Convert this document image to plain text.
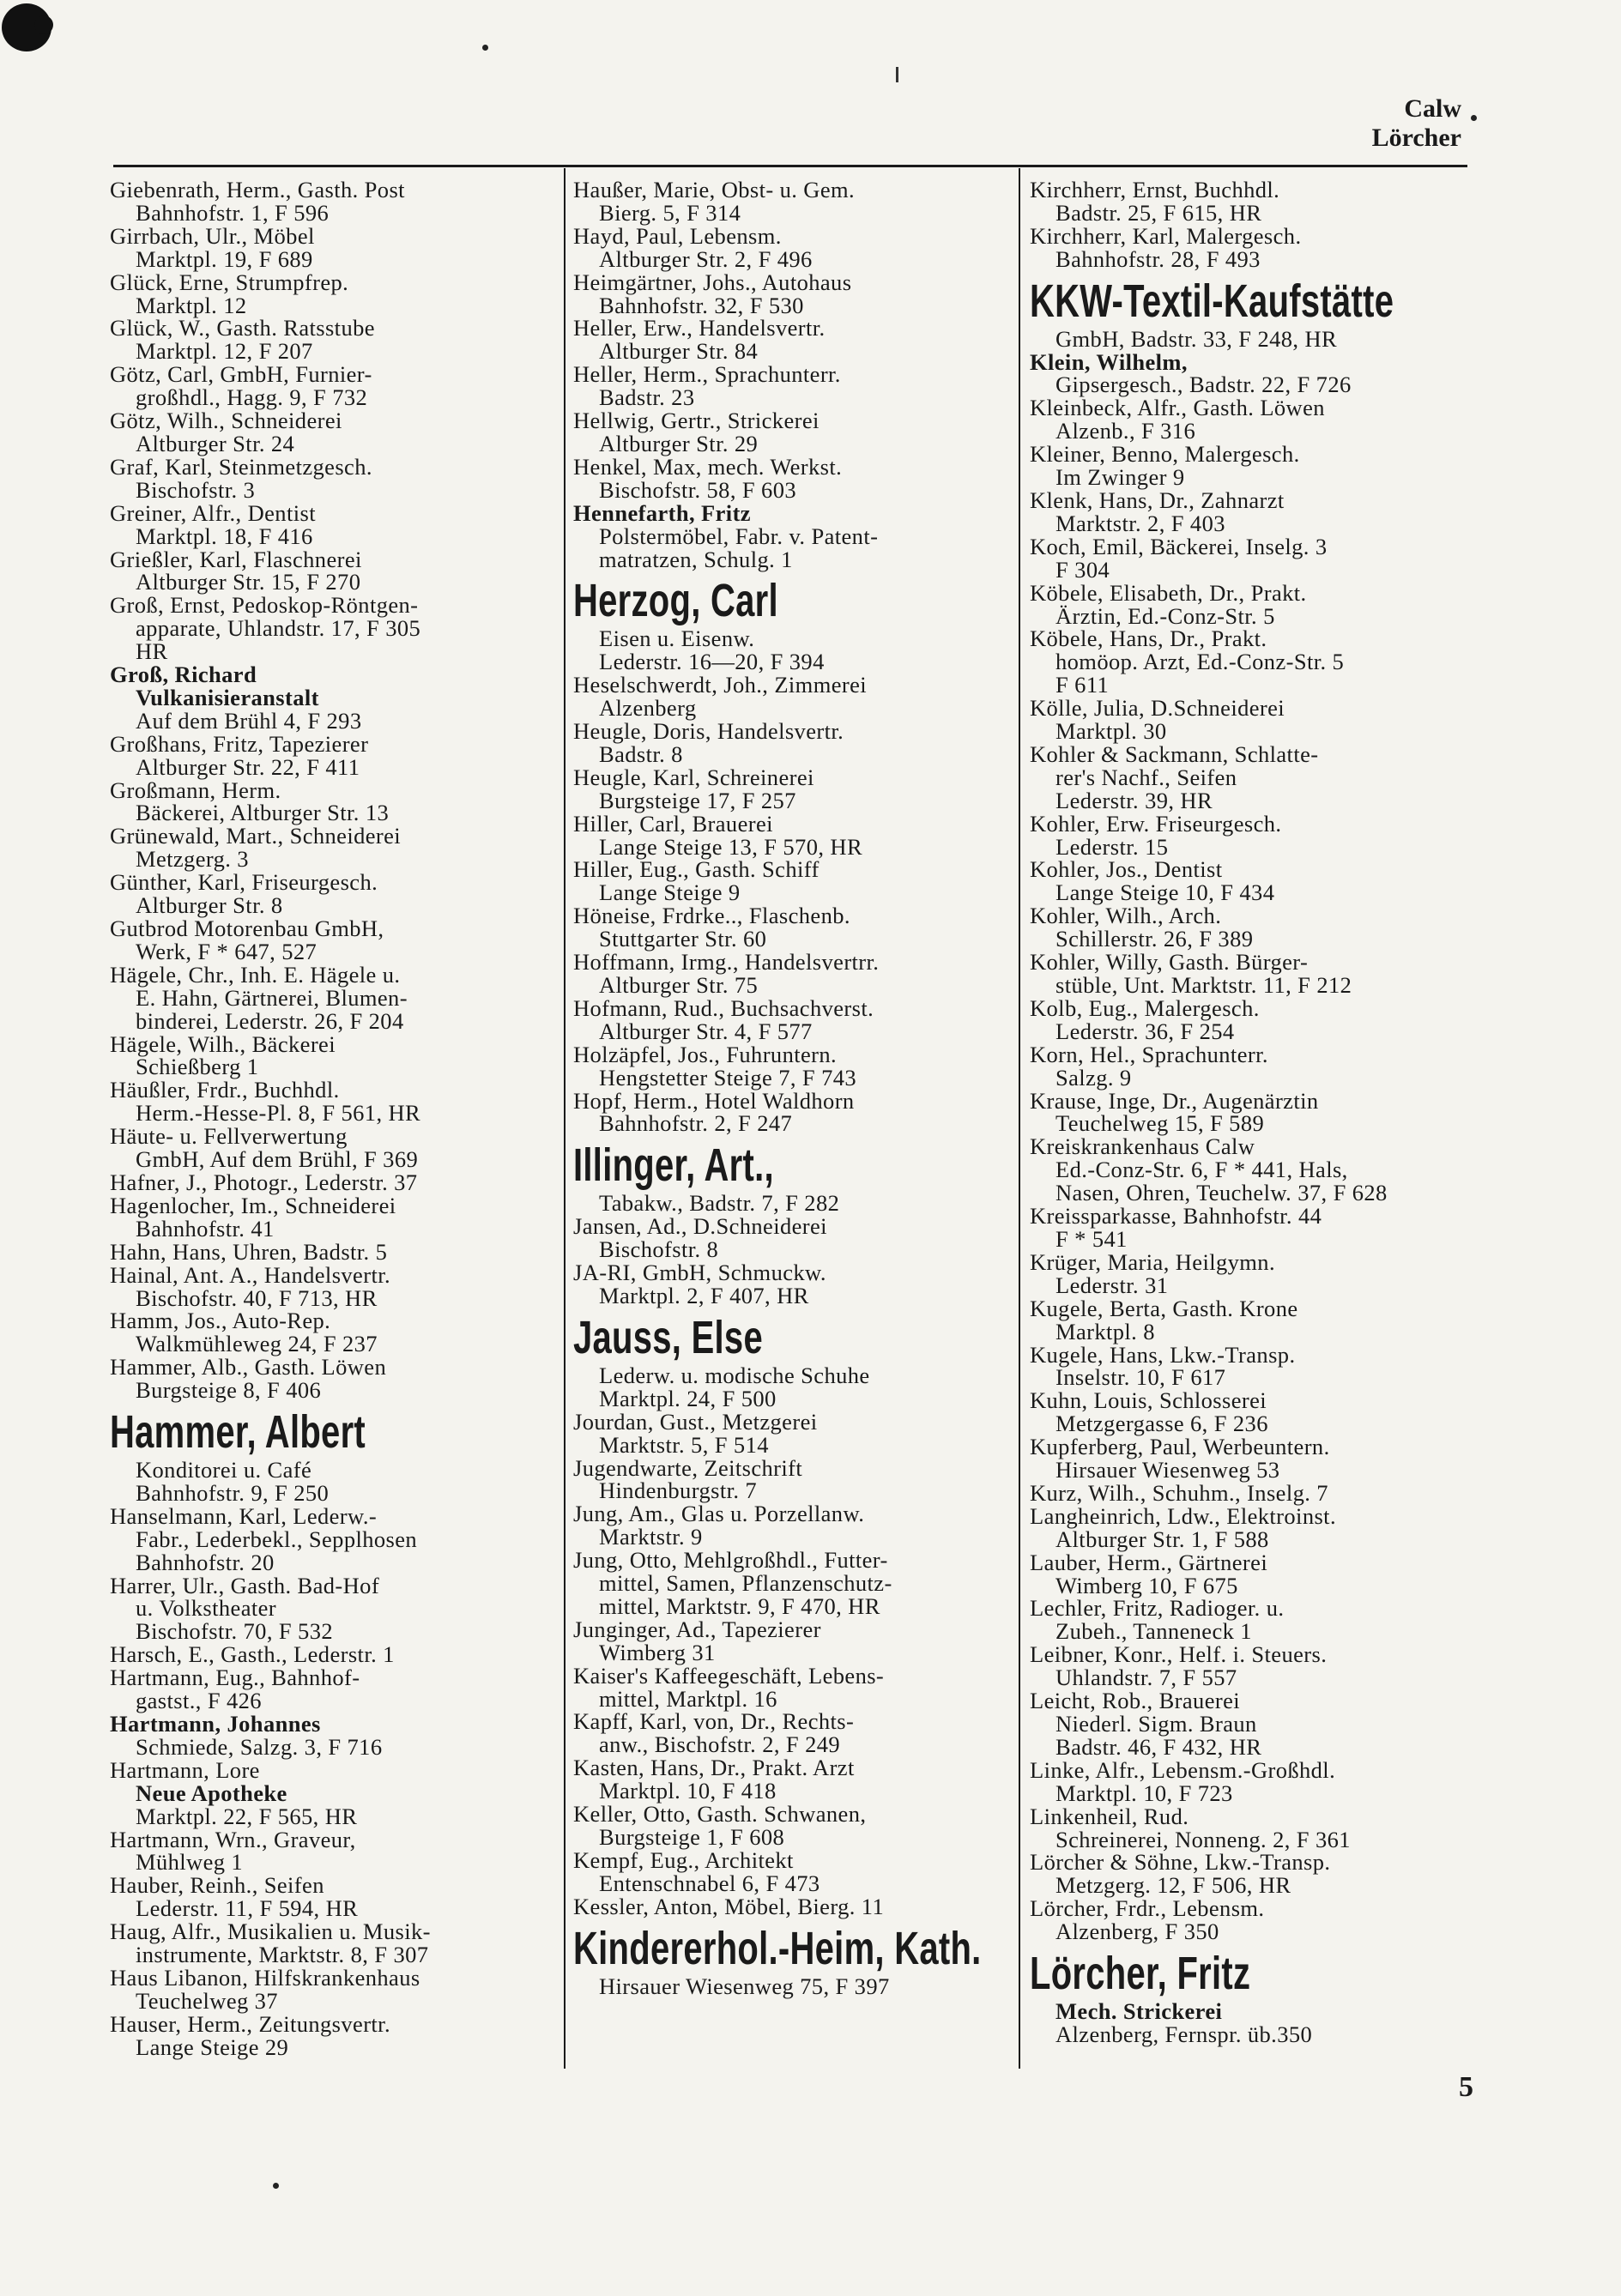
Calw
Lörcher
Giebenrath, Herm., Gasth. Post
Bahnhofstr. 1, F 596
Girrbach, Ulr., Möbel
Marktpl. 19, F 689
Glück, Erne, Strumpfrep.
Marktpl. 12
Glück, W., Gasth. Ratsstube
Marktpl. 12, F 207
Götz, Carl, GmbH, Furnier-
großhdl., Hagg. 9, F 732
Götz, Wilh., Schneiderei
Altburger Str. 24
Graf, Karl, Steinmetzgesch.
Bischofstr. 3
Greiner, Alfr., Dentist
Marktpl. 18, F 416
Grießler, Karl, Flaschnerei
Altburger Str. 15, F 270
Groß, Ernst, Pedoskop-Röntgen-
apparate, Uhlandstr. 17, F 305
HR
Groß, Richard
Vulkanisieranstalt
Auf dem Brühl 4, F 293
Großhans, Fritz, Tapezierer
Altburger Str. 22, F 411
Großmann, Herm.
Bäckerei, Altburger Str. 13
Grünewald, Mart., Schneiderei
Metzgerg. 3
Günther, Karl, Friseurgesch.
Altburger Str. 8
Gutbrod Motorenbau GmbH,
Werk, F * 647, 527
Hägele, Chr., Inh. E. Hägele u.
E. Hahn, Gärtnerei, Blumen-
binderei, Lederstr. 26, F 204
Hägele, Wilh., Bäckerei
Schießberg 1
Häußler, Frdr., Buchhdl.
Herm.-Hesse-Pl. 8, F 561, HR
Häute- u. Fellverwertung
GmbH, Auf dem Brühl, F 369
Hafner, J., Photogr., Lederstr. 37
Hagenlocher, Im., Schneiderei
Bahnhofstr. 41
Hahn, Hans, Uhren, Badstr. 5
Hainal, Ant. A., Handelsvertr.
Bischofstr. 40, F 713, HR
Hamm, Jos., Auto-Rep.
Walkmühleweg 24, F 237
Hammer, Alb., Gasth. Löwen
Burgsteige 8, F 406
Hammer, Albert
Konditorei u. Café
Bahnhofstr. 9, F 250
Hanselmann, Karl, Lederw.-
Fabr., Lederbekl., Sepplhosen
Bahnhofstr. 20
Harrer, Ulr., Gasth. Bad-Hof
u. Volkstheater
Bischofstr. 70, F 532
Harsch, E., Gasth., Lederstr. 1
Hartmann, Eug., Bahnhof-
gastst., F 426
Hartmann, Johannes
Schmiede, Salzg. 3, F 716
Hartmann, Lore
Neue Apotheke
Marktpl. 22, F 565, HR
Hartmann, Wrn., Graveur,
Mühlweg 1
Hauber, Reinh., Seifen
Lederstr. 11, F 594, HR
Haug, Alfr., Musikalien u. Musik-
instrumente, Marktstr. 8, F 307
Haus Libanon, Hilfskrankenhaus
Teuchelweg 37
Hauser, Herm., Zeitungsvertr.
Lange Steige 29
Haußer, Marie, Obst- u. Gem.
Bierg. 5, F 314
Hayd, Paul, Lebensm.
Altburger Str. 2, F 496
Heimgärtner, Johs., Autohaus
Bahnhofstr. 32, F 530
Heller, Erw., Handelsvertr.
Altburger Str. 84
Heller, Herm., Sprachunterr.
Badstr. 23
Hellwig, Gertr., Strickerei
Altburger Str. 29
Henkel, Max, mech. Werkst.
Bischofstr. 58, F 603
Hennefarth, Fritz
Polstermöbel, Fabr. v. Patent-
matratzen, Schulg. 1
Herzog, Carl
Eisen u. Eisenw.
Lederstr. 16—20, F 394
Heselschwerdt, Joh., Zimmerei
Alzenberg
Heugle, Doris, Handelsvertr.
Badstr. 8
Heugle, Karl, Schreinerei
Burgsteige 17, F 257
Hiller, Carl, Brauerei
Lange Steige 13, F 570, HR
Hiller, Eug., Gasth. Schiff
Lange Steige 9
Höneise, Frdrke.., Flaschenb.
Stuttgarter Str. 60
Hoffmann, Irmg., Handelsvertrr.
Altburger Str. 75
Hofmann, Rud., Buchsachverst.
Altburger Str. 4, F 577
Holzäpfel, Jos., Fuhruntern.
Hengstetter Steige 7, F 743
Hopf, Herm., Hotel Waldhorn
Bahnhofstr. 2, F 247
Illinger, Art.,
Tabakw., Badstr. 7, F 282
Jansen, Ad., D.Schneiderei
Bischofstr. 8
JA-RI, GmbH, Schmuckw.
Marktpl. 2, F 407, HR
Jauss, Else
Lederw. u. modische Schuhe
Marktpl. 24, F 500
Jourdan, Gust., Metzgerei
Marktstr. 5, F 514
Jugendwarte, Zeitschrift
Hindenburgstr. 7
Jung, Am., Glas u. Porzellanw.
Marktstr. 9
Jung, Otto, Mehlgroßhdl., Futter-
mittel, Samen, Pflanzenschutz-
mittel, Marktstr. 9, F 470, HR
Junginger, Ad., Tapezierer
Wimberg 31
Kaiser's Kaffeegeschäft, Lebens-
mittel, Marktpl. 16
Kapff, Karl, von, Dr., Rechts-
anw., Bischofstr. 2, F 249
Kasten, Hans, Dr., Prakt. Arzt
Marktpl. 10, F 418
Keller, Otto, Gasth. Schwanen,
Burgsteige 1, F 608
Kempf, Eug., Architekt
Entenschnabel 6, F 473
Kessler, Anton, Möbel, Bierg. 11
Kindererhol.-Heim, Kath.
Hirsauer Wiesenweg 75, F 397
Kirchherr, Ernst, Buchhdl.
Badstr. 25, F 615, HR
Kirchherr, Karl, Malergesch.
Bahnhofstr. 28, F 493
KKW-Textil-Kaufstätte
GmbH, Badstr. 33, F 248, HR
Klein, Wilhelm,
Gipsergesch., Badstr. 22, F 726
Kleinbeck, Alfr., Gasth. Löwen
Alzenb., F 316
Kleiner, Benno, Malergesch.
Im Zwinger 9
Klenk, Hans, Dr., Zahnarzt
Marktstr. 2, F 403
Koch, Emil, Bäckerei, Inselg. 3
F 304
Köbele, Elisabeth, Dr., Prakt.
Ärztin, Ed.-Conz-Str. 5
Köbele, Hans, Dr., Prakt.
homöop. Arzt, Ed.-Conz-Str. 5
F 611
Kölle, Julia, D.Schneiderei
Marktpl. 30
Kohler & Sackmann, Schlatte-
rer's Nachf., Seifen
Lederstr. 39, HR
Kohler, Erw. Friseurgesch.
Lederstr. 15
Kohler, Jos., Dentist
Lange Steige 10, F 434
Kohler, Wilh., Arch.
Schillerstr. 26, F 389
Kohler, Willy, Gasth. Bürger-
stüble, Unt. Marktstr. 11, F 212
Kolb, Eug., Malergesch.
Lederstr. 36, F 254
Korn, Hel., Sprachunterr.
Salzg. 9
Krause, Inge, Dr., Augenärztin
Teuchelweg 15, F 589
Kreiskrankenhaus Calw
Ed.-Conz-Str. 6, F * 441, Hals,
Nasen, Ohren, Teuchelw. 37, F 628
Kreissparkasse, Bahnhofstr. 44
F * 541
Krüger, Maria, Heilgymn.
Lederstr. 31
Kugele, Berta, Gasth. Krone
Marktpl. 8
Kugele, Hans, Lkw.-Transp.
Inselstr. 10, F 617
Kuhn, Louis, Schlosserei
Metzgergasse 6, F 236
Kupferberg, Paul, Werbeuntern.
Hirsauer Wiesenweg 53
Kurz, Wilh., Schuhm., Inselg. 7
Langheinrich, Ldw., Elektroinst.
Altburger Str. 1, F 588
Lauber, Herm., Gärtnerei
Wimberg 10, F 675
Lechler, Fritz, Radioger. u.
Zubeh., Tanneneck 1
Leibner, Konr., Helf. i. Steuers.
Uhlandstr. 7, F 557
Leicht, Rob., Brauerei
Niederl. Sigm. Braun
Badstr. 46, F 432, HR
Linke, Alfr., Lebensm.-Großhdl.
Marktpl. 10, F 723
Linkenheil, Rud.
Schreinerei, Nonneng. 2, F 361
Lörcher & Söhne, Lkw.-Transp.
Metzgerg. 12, F 506, HR
Lörcher, Frdr., Lebensm.
Alzenberg, F 350
Lörcher, Fritz
Mech. Strickerei
Alzenberg, Fernspr. üb.350
5
